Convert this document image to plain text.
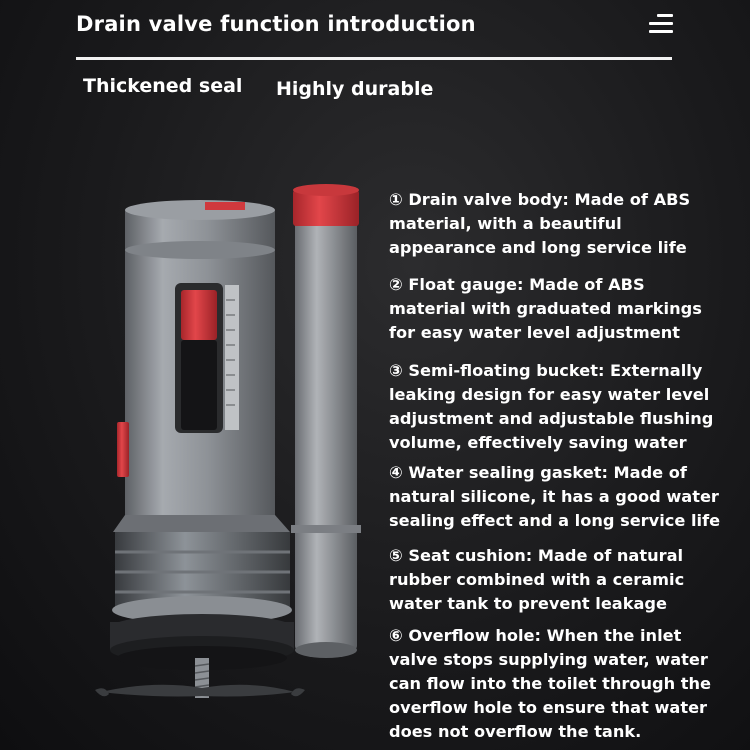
Drain valve function introduction
Thickened seal Highly durable
① Drain valve body: Made of ABS
material, with a beautiful
appearance and long service life
② Float gauge: Made of ABS
material with graduated markings
for easy water level adjustment
③ Semi-floating bucket: Externally
leaking design for easy water level
adjustment and adjustable flushing
volume, effectively saving water
④ Water sealing gasket: Made of
natural silicone, it has a good water
sealing effect and a long service life
⑤ Seat cushion: Made of natural
rubber combined with a ceramic
water tank to prevent leakage
⑥ Overflow hole: When the inlet
valve stops supplying water, water
can flow into the toilet through the
overflow hole to ensure that water
does not overflow the tank.
